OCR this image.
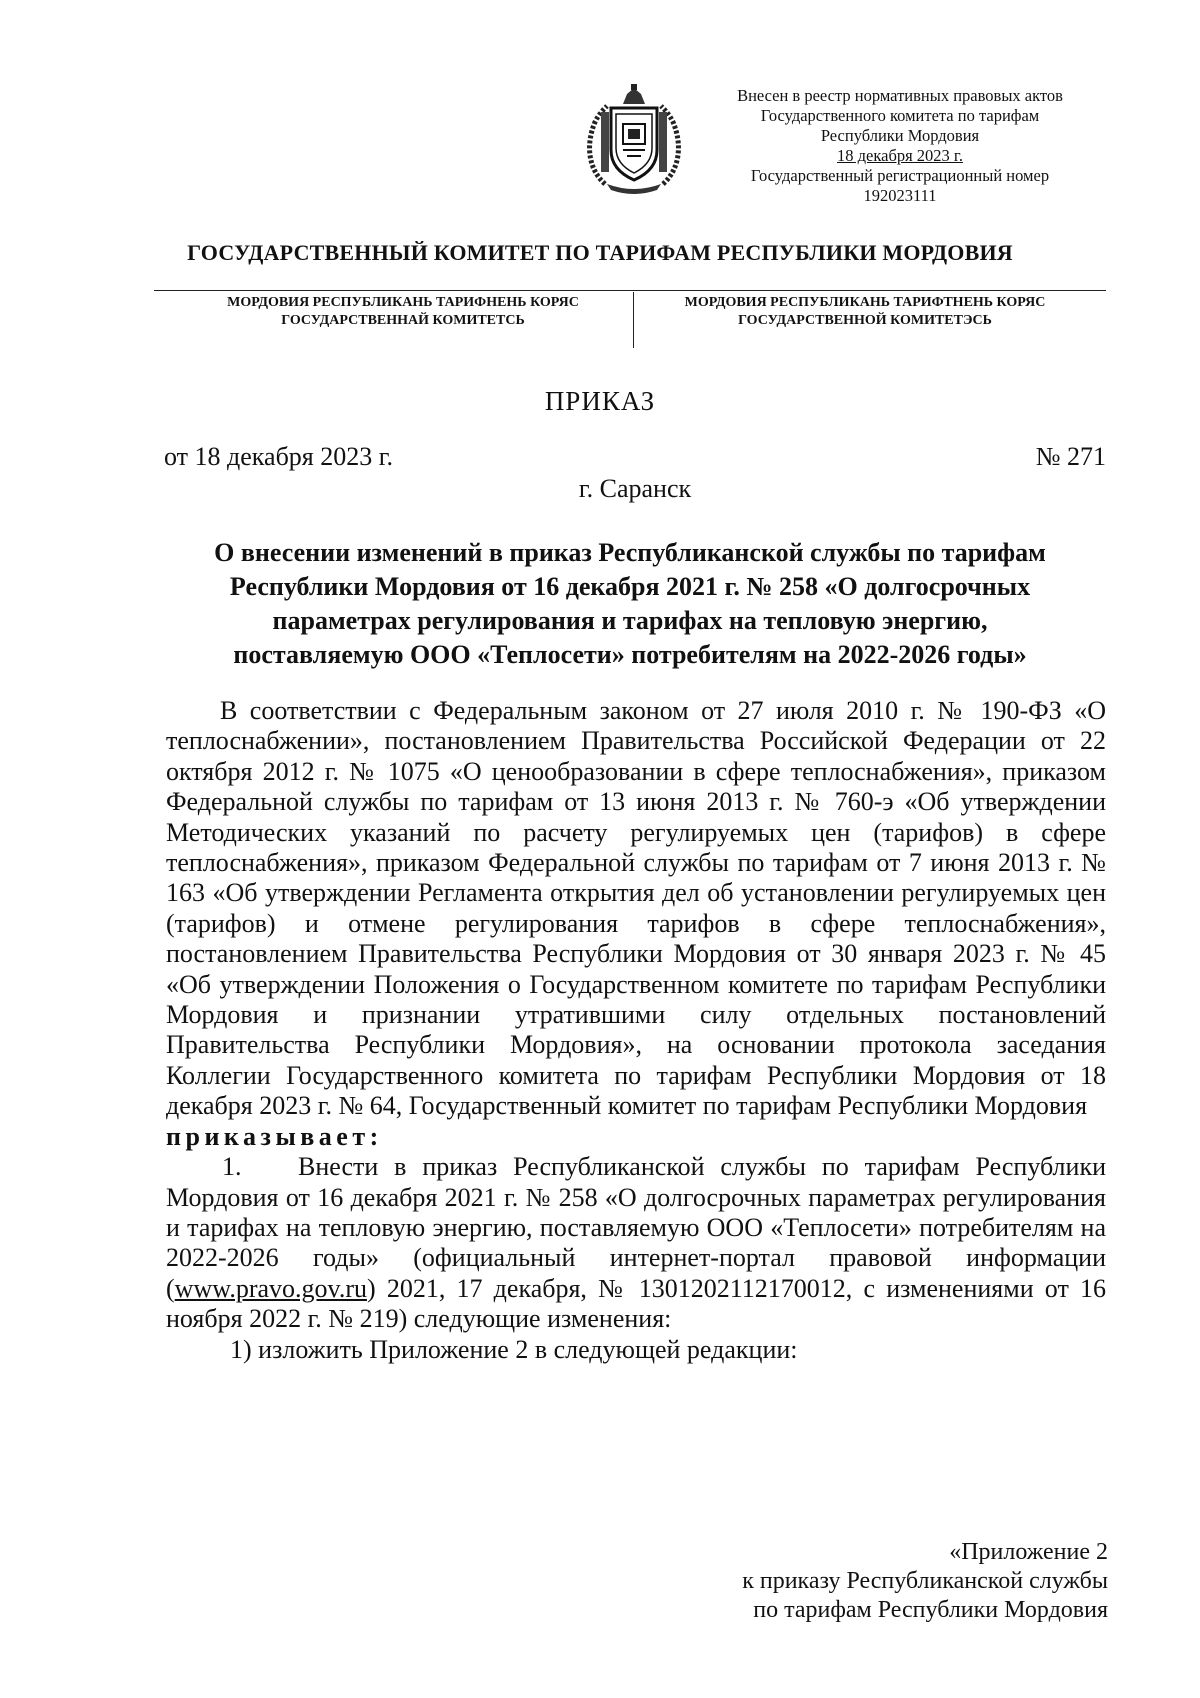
Внесен в реестр нормативных правовых актов
Государственного комитета по тарифам
Республики Мордовия
18 декабря 2023 г.
Государственный регистрационный номер
192023111
ГОСУДАРСТВЕННЫЙ КОМИТЕТ ПО ТАРИФАМ РЕСПУБЛИКИ МОРДОВИЯ
МОРДОВИЯ РЕСПУБЛИКАНЬ ТАРИФНЕНЬ КОРЯС
ГОСУДАРСТВЕННАЙ КОМИТЕТСЬ
МОРДОВИЯ РЕСПУБЛИКАНЬ ТАРИФТНЕНЬ КОРЯС
ГОСУДАРСТВЕННОЙ КОМИТЕТЭСЬ
ПРИКАЗ
от 18 декабря 2023 г.	№ 271
г. Саранск
О внесении изменений в приказ Республиканской службы по тарифам
Республики Мордовия от 16 декабря 2021 г. № 258 «О долгосрочных
параметрах регулирования и тарифах на тепловую энергию,
поставляемую ООО «Теплосети» потребителям на 2022-2026 годы»

В соответствии с Федеральным законом от 27 июля 2010 г. № 190-ФЗ «О теплоснабжении», постановлением Правительства Российской Федерации от 22 октября 2012 г. № 1075 «О ценообразовании в сфере теплоснабжения», приказом Федеральной службы по тарифам от 13 июня 2013 г. № 760-э «Об утверждении Методических указаний по расчету регулируемых цен (тарифов) в сфере теплоснабжения», приказом Федеральной службы по тарифам от 7 июня 2013 г. № 163 «Об утверждении Регламента открытия дел об установлении регулируемых цен (тарифов) и отмене регулирования тарифов в сфере теплоснабжения», постановлением Правительства Республики Мордовия от 30 января 2023 г. № 45 «Об утверждении Положения о Государственном комитете по тарифам Республики Мордовия и признании утратившими силу отдельных постановлений Правительства Республики Мордовия», на основании протокола заседания Коллегии Государственного комитета по тарифам Республики Мордовия от 18 декабря 2023 г. № 64, Государственный комитет по тарифам Республики Мордовия

приказывает:

1. Внести в приказ Республиканской службы по тарифам Республики Мордовия от 16 декабря 2021 г. № 258 «О долгосрочных параметрах регулирования и тарифах на тепловую энергию, поставляемую ООО «Теплосети» потребителям на 2022-2026 годы» (официальный интернет-портал правовой информации (www.pravo.gov.ru) 2021, 17 декабря, № 1301202112170012, с изменениями от 16 ноября 2022 г. № 219) следующие изменения:

1) изложить Приложение 2 в следующей редакции:

«Приложение 2
к приказу Республиканской службы
по тарифам Республики Мордовия
